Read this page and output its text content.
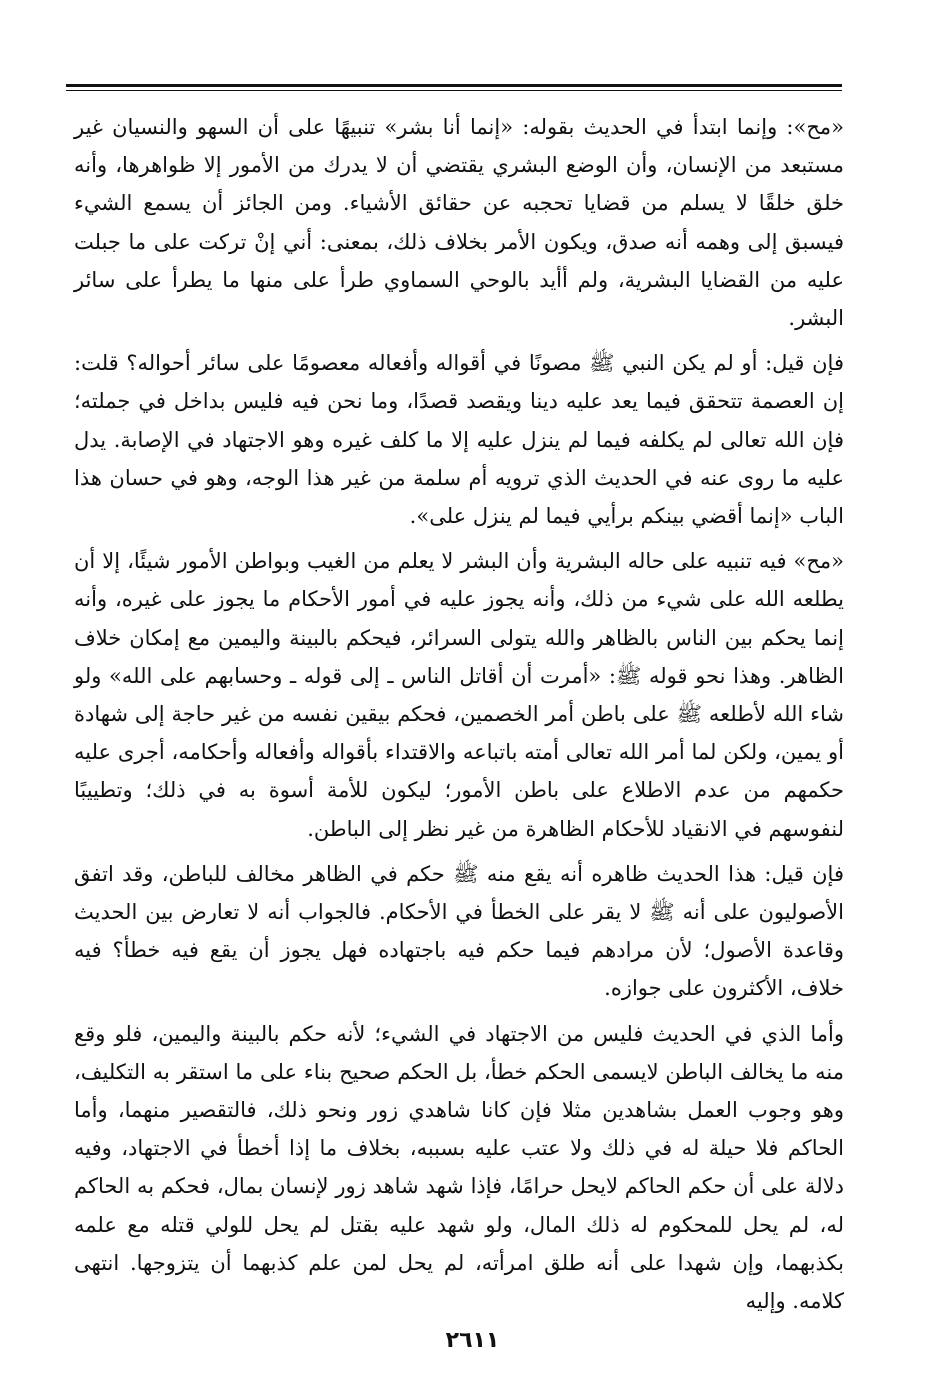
«مح»: وإنما ابتدأ في الحديث بقوله: «إنما أنا بشر» تنبيهًا على أن السهو والنسيان غير مستبعد من الإنسان، وأن الوضع البشري يقتضي أن لا يدرك من الأمور إلا ظواهرها، وأنه خلق خلقًا لا يسلم من قضايا تحجبه عن حقائق الأشياء. ومن الجائز أن يسمع الشيء فيسبق إلى وهمه أنه صدق، ويكون الأمر بخلاف ذلك، بمعنى: أني إنْ تركت على ما جبلت عليه من القضايا البشرية، ولم أأيد بالوحي السماوي طرأ على منها ما يطرأ على سائر البشر.

فإن قيل: أو لم يكن النبي ﷺ مصونًا في أقواله وأفعاله معصومًا على سائر أحواله؟ قلت: إن العصمة تتحقق فيما يعد عليه دينا ويقصد قصدًا، وما نحن فيه فليس بداخل في جملته؛ فإن الله تعالى لم يكلفه فيما لم ينزل عليه إلا ما كلف غيره وهو الاجتهاد في الإصابة. يدل عليه ما روى عنه في الحديث الذي ترويه أم سلمة من غير هذا الوجه، وهو في حسان هذا الباب «إنما أقضي بينكم برأيي فيما لم ينزل على».

«مح» فيه تنبيه على حاله البشرية وأن البشر لا يعلم من الغيب وبواطن الأمور شيئًا، إلا أن يطلعه الله على شيء من ذلك، وأنه يجوز عليه في أمور الأحكام ما يجوز على غيره، وأنه إنما يحكم بين الناس بالظاهر والله يتولى السرائر، فيحكم بالبينة واليمين مع إمكان خلاف الظاهر. وهذا نحو قوله ﷺ: «أمرت أن أقاتل الناس ـ إلى قوله ـ وحسابهم على الله» ولو شاء الله لأطلعه ﷺ على باطن أمر الخصمين، فحكم بيقين نفسه من غير حاجة إلى شهادة أو يمين، ولكن لما أمر الله تعالى أمته باتباعه والاقتداء بأقواله وأفعاله وأحكامه، أجرى عليه حكمهم من عدم الاطلاع على باطن الأمور؛ ليكون للأمة أسوة به في ذلك؛ وتطييبًا لنفوسهم في الانقياد للأحكام الظاهرة من غير نظر إلى الباطن.

فإن قيل: هذا الحديث ظاهره أنه يقع منه ﷺ حكم في الظاهر مخالف للباطن، وقد اتفق الأصوليون على أنه ﷺ لا يقر على الخطأ في الأحكام. فالجواب أنه لا تعارض بين الحديث وقاعدة الأصول؛ لأن مرادهم فيما حكم فيه باجتهاده فهل يجوز أن يقع فيه خطأ؟ فيه خلاف، الأكثرون على جوازه.

وأما الذي في الحديث فليس من الاجتهاد في الشيء؛ لأنه حكم بالبينة واليمين، فلو وقع منه ما يخالف الباطن لايسمى الحكم خطأ، بل الحكم صحيح بناء على ما استقر به التكليف، وهو وجوب العمل بشاهدين مثلا فإن كانا شاهدي زور ونحو ذلك، فالتقصير منهما، وأما الحاكم فلا حيلة له في ذلك ولا عتب عليه بسببه، بخلاف ما إذا أخطأ في الاجتهاد، وفيه دلالة على أن حكم الحاكم لايحل حرامًا، فإذا شهد شاهد زور لإنسان بمال، فحكم به الحاكم له، لم يحل للمحكوم له ذلك المال، ولو شهد عليه بقتل لم يحل للولي قتله مع علمه بكذبهما، وإن شهدا على أنه طلق امرأته، لم يحل لمن علم كذبهما أن يتزوجها. انتهى كلامه. وإليه

٢٦١١
